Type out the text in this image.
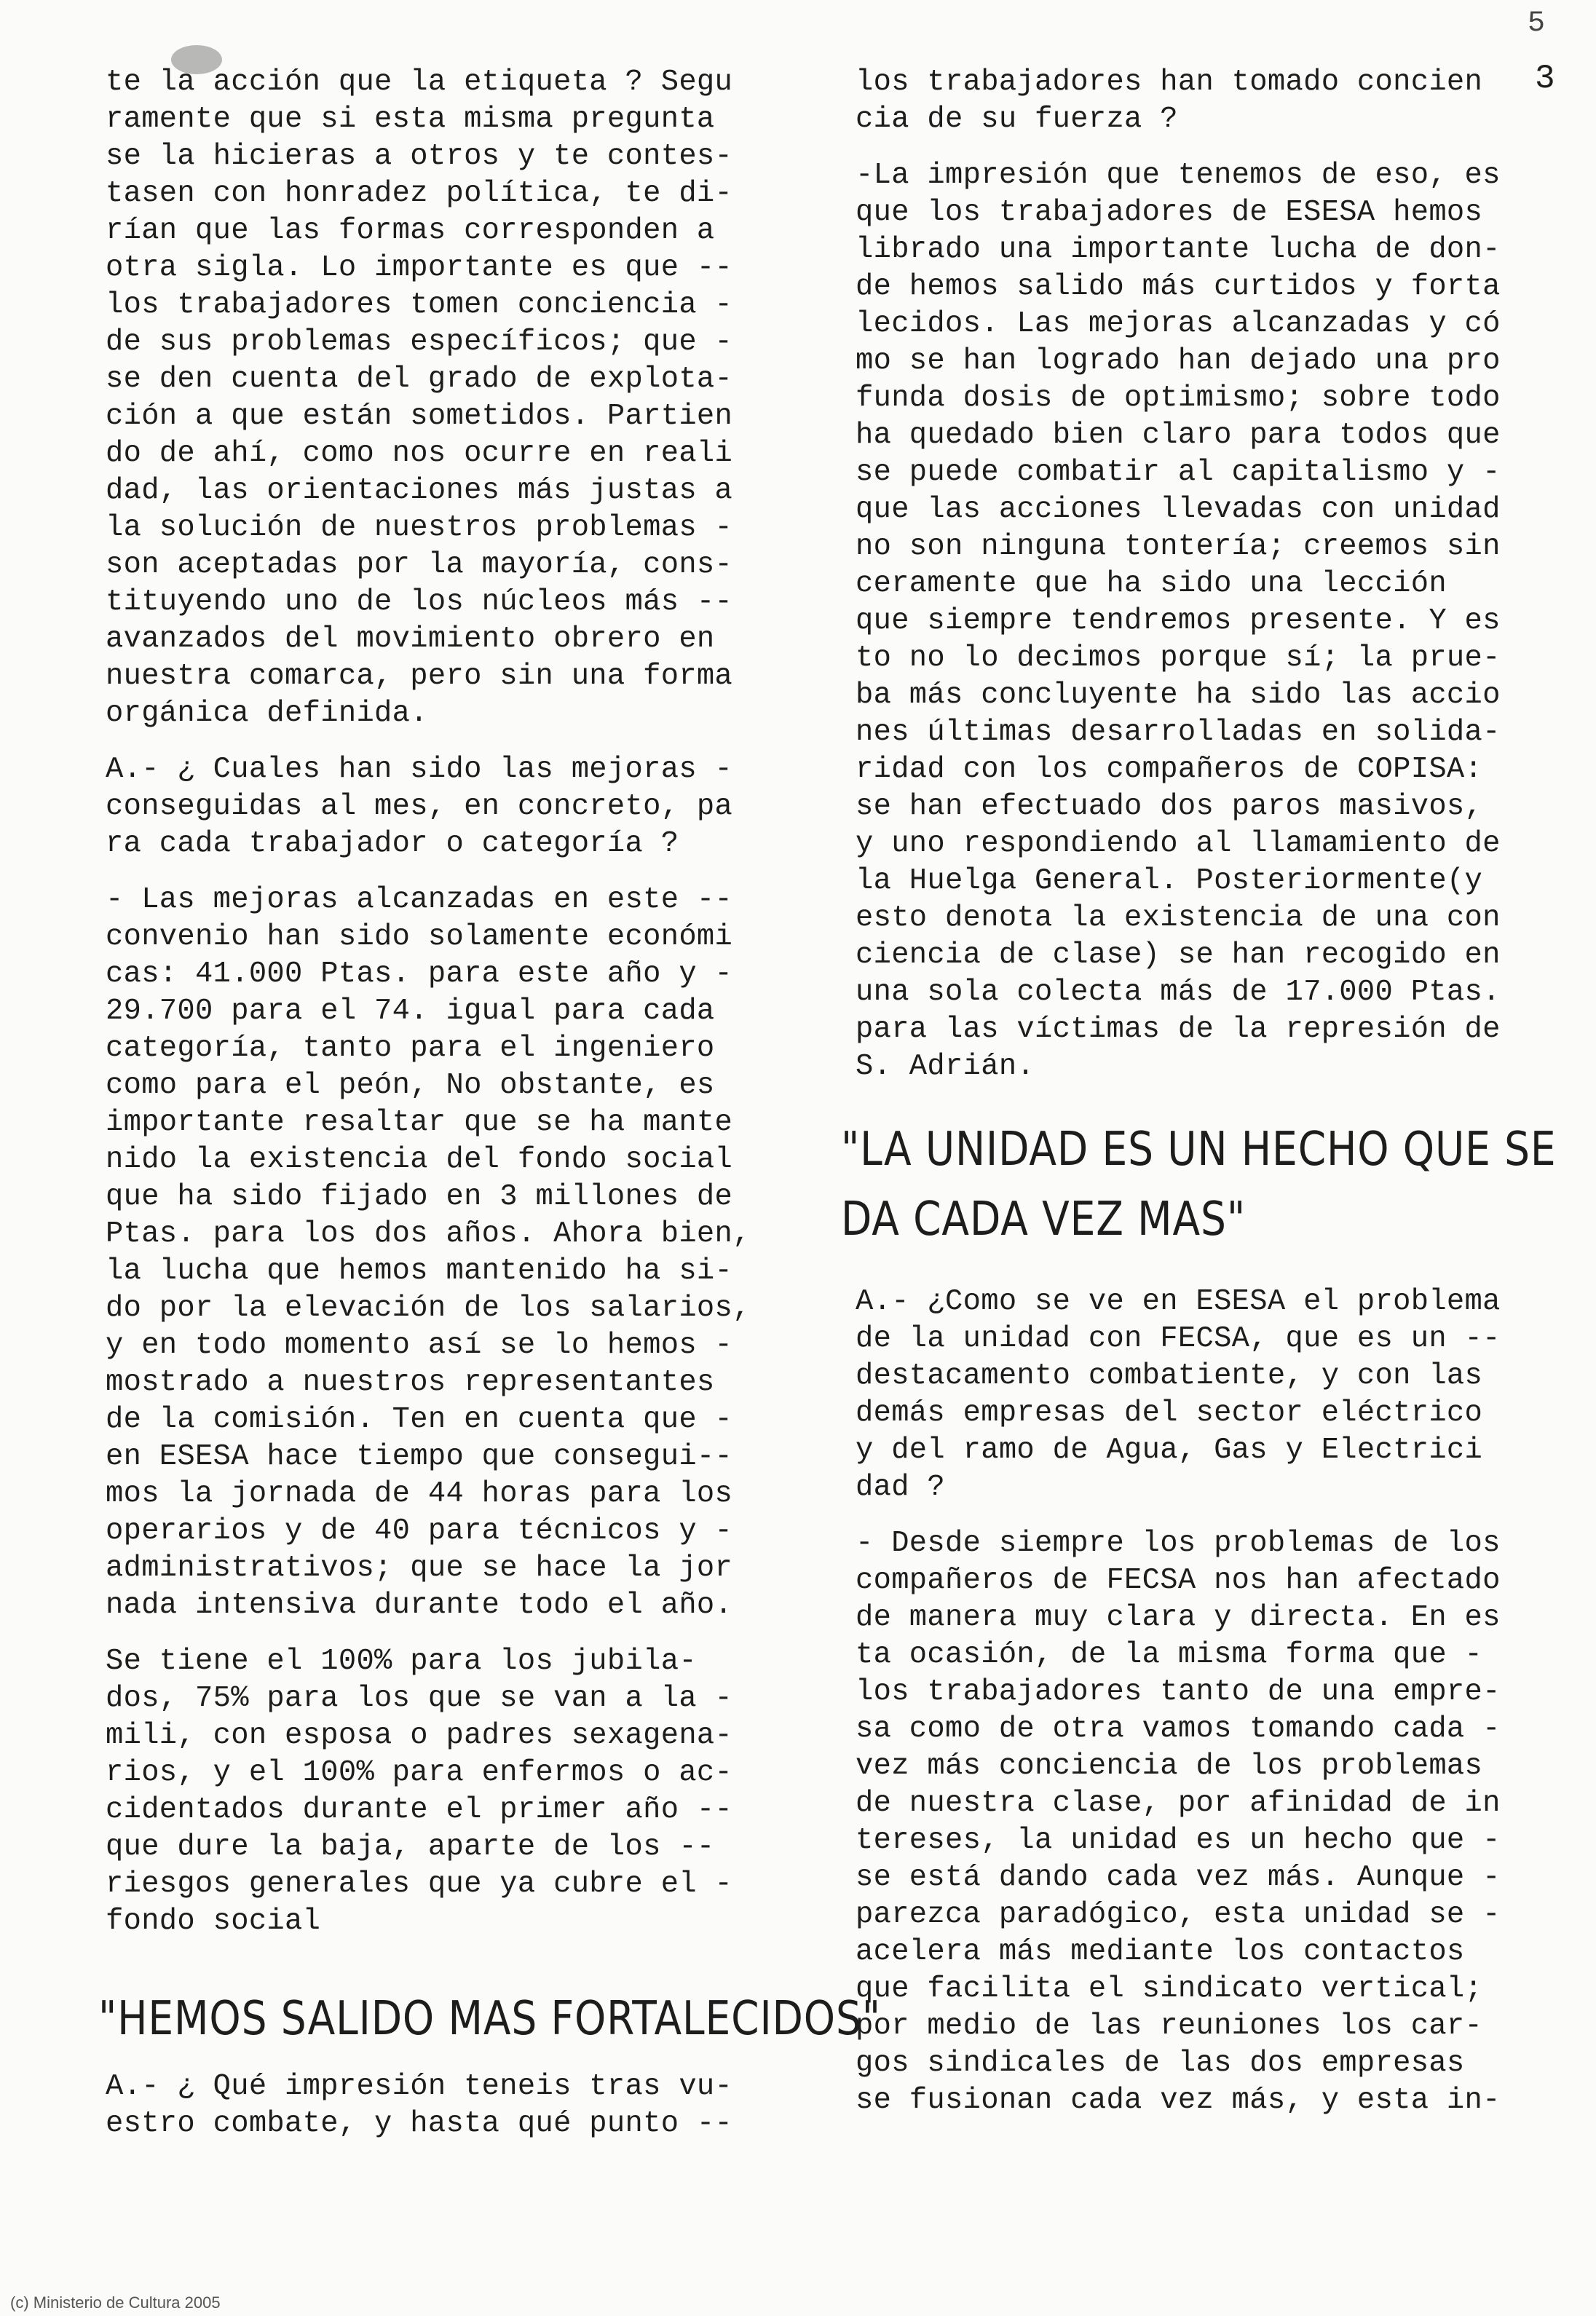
5
3
te la acción que la etiqueta ? Segu
ramente que si esta misma pregunta
se la hicieras a otros y te contes-
tasen con honradez política, te di-
rían que las formas corresponden a
otra sigla. Lo importante es que --
los trabajadores tomen conciencia -
de sus problemas específicos; que -
se den cuenta del grado de explota-
ción a que están sometidos. Partien
do de ahí, como nos ocurre en reali
dad, las orientaciones más justas a
la solución de nuestros problemas -
son aceptadas por la mayoría, cons-
tituyendo uno de los núcleos más --
avanzados del movimiento obrero en
nuestra comarca, pero sin una forma
orgánica definida.
A.- ¿ Cuales han sido las mejoras -
conseguidas al mes, en concreto, pa
ra cada trabajador o categoría ?
- Las mejoras alcanzadas en este --
convenio han sido solamente económi
cas: 41.000 Ptas. para este año y -
29.700 para el 74. igual para cada
categoría, tanto para el ingeniero
como para el peón, No obstante, es
importante resaltar que se ha mante
nido la existencia del fondo social
que ha sido fijado en 3 millones de
Ptas. para los dos años. Ahora bien,
la lucha que hemos mantenido ha si-
do por la elevación de los salarios,
y en todo momento así se lo hemos -
mostrado a nuestros representantes
de la comisión. Ten en cuenta que -
en ESESA hace tiempo que consegui--
mos la jornada de 44 horas para los
operarios y de 40 para técnicos y -
administrativos; que se hace la jor
nada intensiva durante todo el año.
Se tiene el 100% para los jubila-
dos, 75% para los que se van a la -
mili, con esposa o padres sexagena-
rios, y el 100% para enfermos o ac-
cidentados durante el primer año --
que dure la baja, aparte de los --
riesgos generales que ya cubre el -
fondo social
"HEMOS SALIDO MAS FORTALECIDOS"
A.- ¿ Qué impresión teneis tras vu-
estro combate, y hasta qué punto --
los trabajadores han tomado concien
cia de su fuerza ?
-La impresión que tenemos de eso, es
que los trabajadores de ESESA hemos
librado una importante lucha de don-
de hemos salido más curtidos y forta
lecidos. Las mejoras alcanzadas y có
mo se han logrado han dejado una pro
funda dosis de optimismo; sobre todo
ha quedado bien claro para todos que
se puede combatir al capitalismo y -
que las acciones llevadas con unidad
no son ninguna tontería; creemos sin
ceramente que ha sido una lección
que siempre tendremos presente. Y es
to no lo decimos porque sí; la prue-
ba más concluyente ha sido las accio
nes últimas desarrolladas en solida-
ridad con los compañeros de COPISA:
se han efectuado dos paros masivos,
y uno respondiendo al llamamiento de
la Huelga General. Posteriormente(y
esto denota la existencia de una con
ciencia de clase) se han recogido en
una sola colecta más de 17.000 Ptas.
para las víctimas de la represión de
S. Adrián.
"LA UNIDAD ES UN HECHO QUE SE
DA CADA VEZ MAS"
A.- ¿Como se ve en ESESA el problema
de la unidad con FECSA, que es un --
destacamento combatiente, y con las
demás empresas del sector eléctrico
y del ramo de Agua, Gas y Electrici
dad ?
- Desde siempre los problemas de los
compañeros de FECSA nos han afectado
de manera muy clara y directa. En es
ta ocasión, de la misma forma que -
los trabajadores tanto de una empre-
sa como de otra vamos tomando cada -
vez más conciencia de los problemas
de nuestra clase, por afinidad de in
tereses, la unidad es un hecho que -
se está dando cada vez más. Aunque -
parezca paradógico, esta unidad se -
acelera más mediante los contactos
que facilita el sindicato vertical;
por medio de las reuniones los car-
gos sindicales de las dos empresas
se fusionan cada vez más, y esta in-
(c) Ministerio de Cultura 2005
